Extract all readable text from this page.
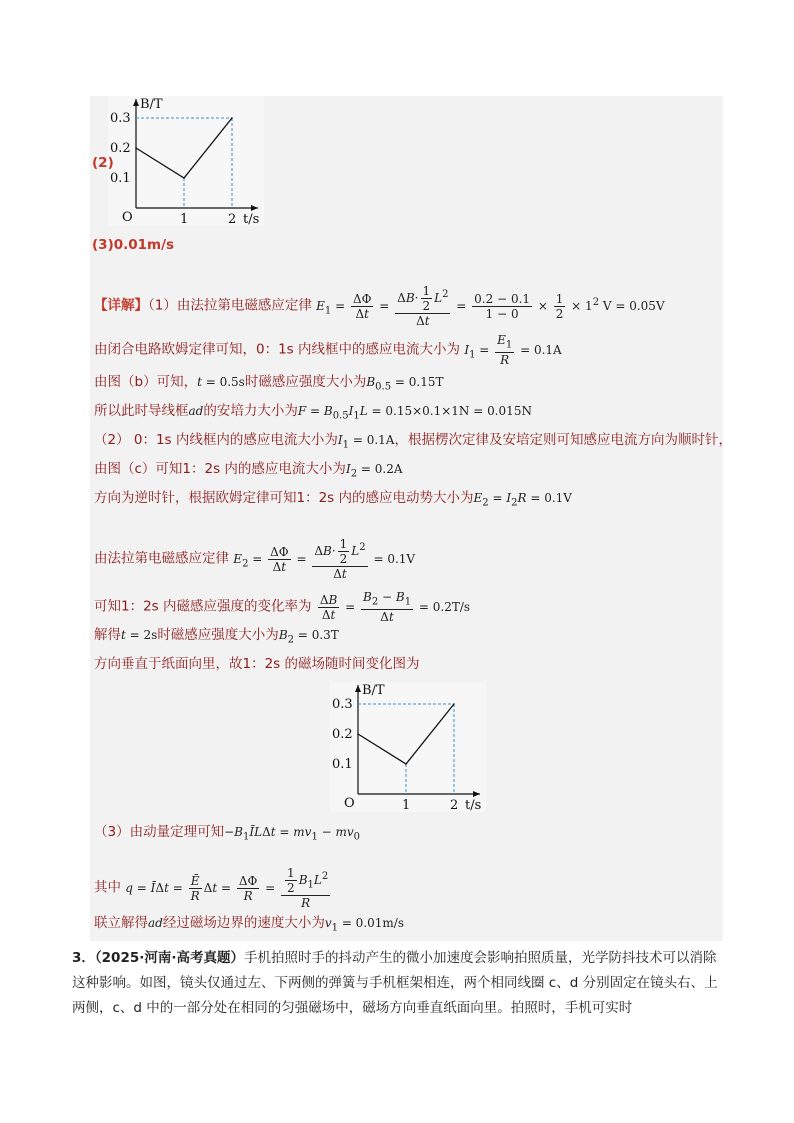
B/T
t/s
O
0.3
0.2
0.1
1	2
(2)
(3)0.01m/s
【详解】（1）由法拉第电磁感应定律 $E_1 = \frac{\Delta\Phi}{\Delta t} = \frac{\Delta B\cdot \frac{1}{2} L^2}{\Delta t} = \frac{0.2 - 0.1}{1 - 0} \times \frac{1}{2} \times 1^2$ V = 0.05V
由闭合电路欧姆定律可知，0：1s 内线框中的感应电流大小为 $I_1 = \frac{E_1}{R} = 0.1A$
由图（b）可知，t = 0.5s时磁感应强度大小为$B_{0.5} = 0.15T$
所以此时导线框ad的安培力大小为$F = B_{0.5}I_1L = 0.15\times 0.1\times 1N = 0.015N$
（2） 0：1s 内线框内的感应电流大小为$I_1 = 0.1A$，根据楞次定律及安培定则可知感应电流方向为顺时针，
由图（c）可知1：2s 内的感应电流大小为$I_2 = 0.2A$
方向为逆时针，根据欧姆定律可知1：2s 内的感应电动势大小为$E_2 = I_2R = 0.1V$
由法拉第电磁感应定律 $E_2 = \frac{\Delta\Phi}{\Delta t} = \frac{\Delta B\cdot \frac{1}{2} L^2}{\Delta t} = 0.1V$
可知1：2s 内磁感应强度的变化率为 $\frac{\Delta B}{\Delta t} = \frac{B_2 - B_1}{\Delta t} = 0.2T/s$
解得t = 2s时磁感应强度大小为$B_2 = 0.3T$
方向垂直于纸面向里，故1：2s 的磁场随时间变化图为
B/T
t/s
O
0.3
0.2
0.1
1	2
（3）由动量定理可知$-B_1ĪL\Delta t = mv_1 - mv_0$
其中 q = ĪΔt = $\frac{Ē}{R}$ $\Delta t = \frac{\Delta\Phi}{R} = \frac{\frac{1}{2} B_1L^2}{R}$
联立解得ad经过磁场边界的速度大小为$v_1 = 0.01m/s$
3．（2025·河南·高考真题）手机拍照时手的抖动产生的微小加速度会影响拍照质量，光学防抖技术可以消除这种影响。如图，镜头仅通过左、下两侧的弹簧与手机框架相连，两个相同线圈 c、d 分别固定在镜头右、上两侧，c、d 中的一部分处在相同的匀强磁场中，磁场方向垂直纸面向里。拍照时，手机可实时
